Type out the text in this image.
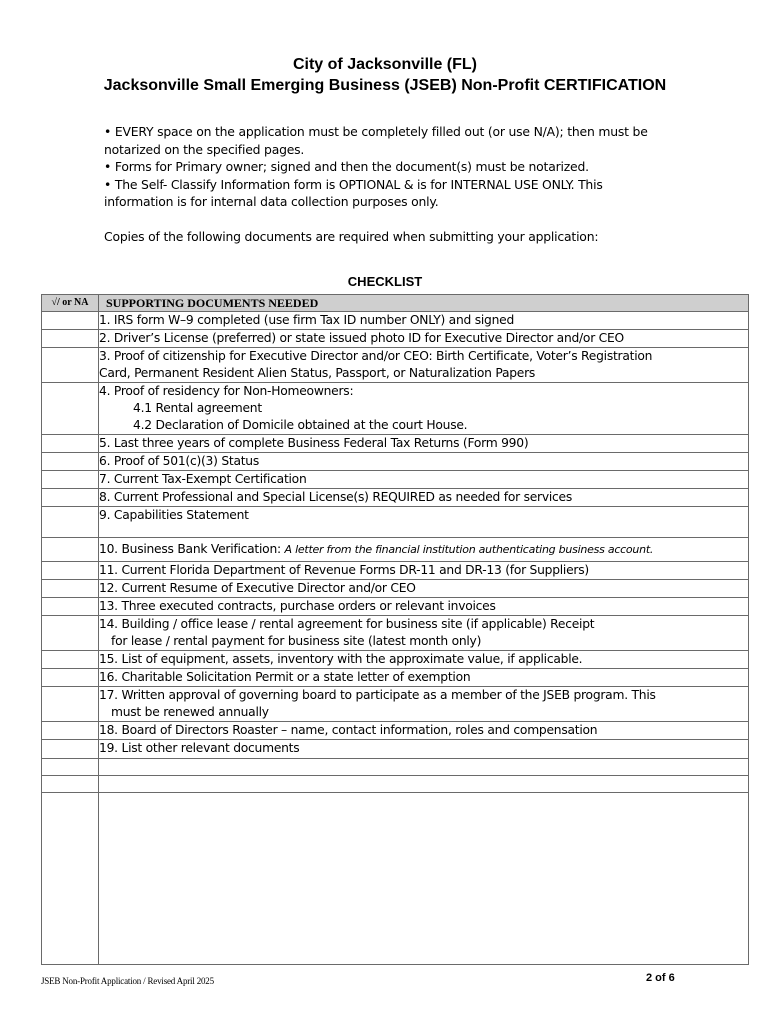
City of Jacksonville (FL)
Jacksonville Small Emerging Business (JSEB) Non-Profit CERTIFICATION

• EVERY space on the application must be completely filled out (or use N/A); then must be notarized on the specified pages.

• Forms for Primary owner; signed and then the document(s) must be notarized.

• The Self- Classify Information form is OPTIONAL & is for INTERNAL USE ONLY. This information is for internal data collection purposes only.

Copies of the following documents are required when submitting your application:

CHECKLIST
√/ or NA	SUPPORTING DOCUMENTS NEEDED
	1. IRS form W–9 completed (use firm Tax ID number ONLY) and signed
	2. Driver’s License (preferred) or state issued photo ID for Executive Director and/or CEO

	3. Proof of citizenship for Executive Director and/or CEO: Birth Certificate, Voter’s Registration
Card, Permanent Resident Alien Status, Passport, or Naturalization Papers

	4. Proof of residency for Non-Homeowners:
4.1 Rental agreement
4.2 Declaration of Domicile obtained at the court House.

	5. Last three years of complete Business Federal Tax Returns (Form 990)
	6. Proof of 501(c)(3) Status
	7. Current Tax-Exempt Certification
	8. Current Professional and Special License(s) REQUIRED as needed for services
	9. Capabilities Statement
	10. Business Bank Verification: A letter from the financial institution authenticating business account.
	11. Current Florida Department of Revenue Forms DR-11 and DR-13 (for Suppliers)
	12. Current Resume of Executive Director and/or CEO
	13. Three executed contracts, purchase orders or relevant invoices

	14. Building / office lease / rental agreement for business site (if applicable) Receipt
for lease / rental payment for business site (latest month only)

	15. List of equipment, assets, inventory with the approximate value, if applicable.
	16. Charitable Solicitation Permit or a state letter of exemption

	17. Written approval of governing board to participate as a member of the JSEB program. This
must be renewed annually

	18. Board of Directors Roaster – name, contact information, roles and compensation
	19. List other relevant documents

JSEB Non-Profit Application / Revised April 2025	2 of 6
